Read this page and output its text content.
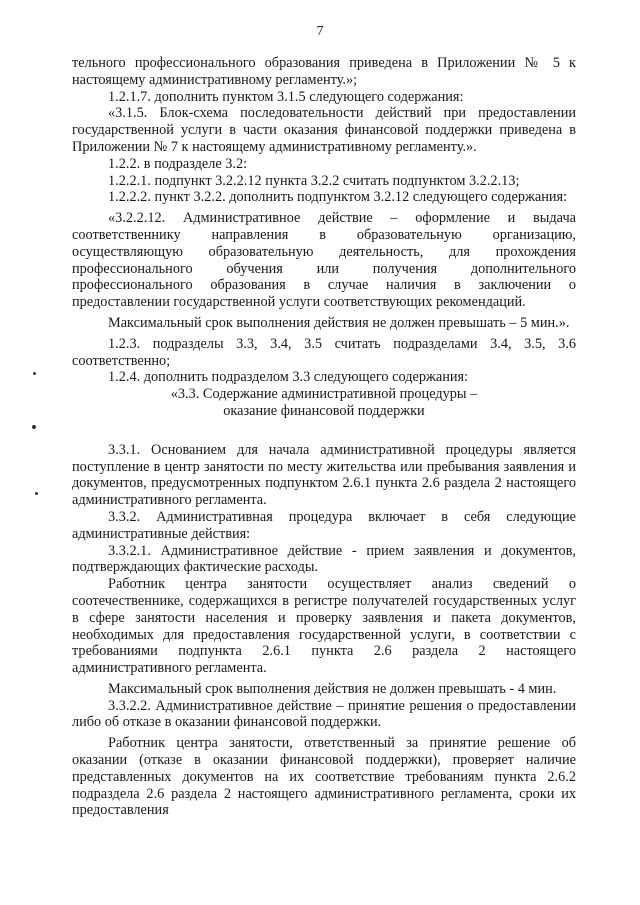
7

тельного профессионального образования приведена в Приложении № 5 к настоящему административному регламенту.»;

1.2.1.7. дополнить пунктом 3.1.5 следующего содержания:

«3.1.5. Блок-схема последовательности действий при предоставлении государственной услуги в части оказания финансовой поддержки приведена в Приложении № 7 к настоящему административному регламенту.».

1.2.2. в подразделе 3.2:

1.2.2.1. подпункт 3.2.2.12 пункта 3.2.2 считать подпунктом 3.2.2.13;

1.2.2.2. пункт 3.2.2. дополнить подпунктом 3.2.12 следующего содержания:

«3.2.2.12. Административное действие – оформление и выдача соответственнику направления в образовательную организацию, осуществляющую образовательную деятельность, для прохождения профессионального обучения или получения дополнительного профессионального образования в случае наличия в заключении о предоставлении государственной услуги соответствующих рекомендаций.

Максимальный срок выполнения действия не должен превышать – 5 мин.».

1.2.3. подразделы 3.3, 3.4, 3.5 считать подразделами 3.4, 3.5, 3.6 соответственно;

1.2.4. дополнить подразделом 3.3 следующего содержания:

«3.3. Содержание административной процедуры –

оказание финансовой поддержки

3.3.1. Основанием для начала административной процедуры является поступление в центр занятости по месту жительства или пребывания заявления и документов, предусмотренных подпунктом 2.6.1 пункта 2.6 раздела 2 настоящего административного регламента.

3.3.2. Административная процедура включает в себя следующие административные действия:

3.3.2.1. Административное действие - прием заявления и документов, подтверждающих фактические расходы.

Работник центра занятости осуществляет анализ сведений о соотечественнике, содержащихся в регистре получателей государственных услуг в сфере занятости населения и проверку заявления и пакета документов, необходимых для предоставления государственной услуги, в соответствии с требованиями подпункта 2.6.1 пункта 2.6 раздела 2 настоящего административного регламента.

Максимальный срок выполнения действия не должен превышать - 4 мин.

3.3.2.2. Административное действие – принятие решения о предоставлении либо об отказе в оказании финансовой поддержки.

Работник центра занятости, ответственный за принятие решение об оказании (отказе в оказании финансовой поддержки), проверяет наличие представленных документов на их соответствие требованиям пункта 2.6.2 подраздела 2.6 раздела 2 настоящего административного регламента, сроки их предоставления
